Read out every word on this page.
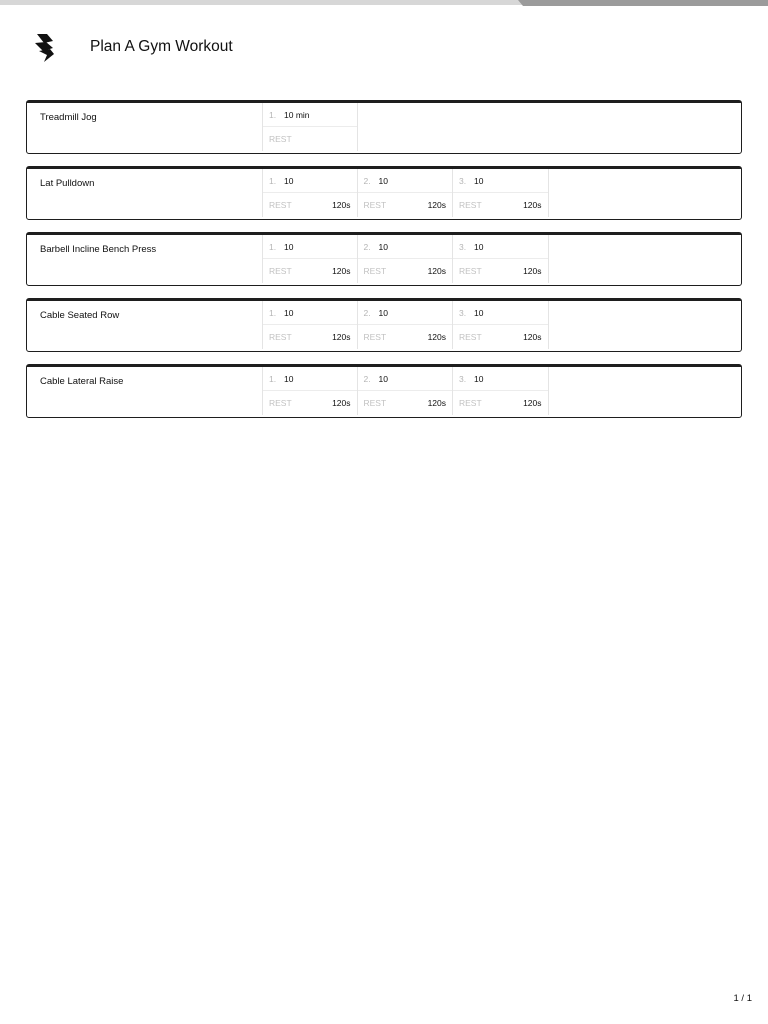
Plan A Gym Workout
Treadmill Jog	1. 10 min
REST
Lat Pulldown	1. 10
REST	120s
2. 10
REST	120s
3. 10
REST	120s
Barbell Incline Bench Press	1. 10
REST	120s
2. 10
REST	120s
3. 10
REST	120s
Cable Seated Row	1. 10
REST	120s
2. 10
REST	120s
3. 10
REST	120s
Cable Lateral Raise	1. 10
REST	120s
2. 10
REST	120s
3. 10
REST	120s
1 / 1
